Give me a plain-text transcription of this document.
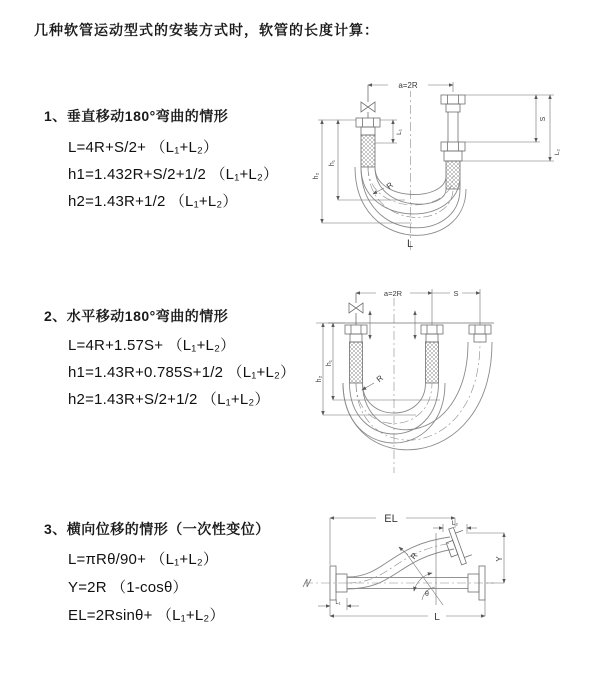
几种软管运动型式的安装方式时，软管的长度计算：
1、垂直移动180°弯曲的情形
L=4R+S/2+ （L₁+L₂）
h1=1.432R+S/2+1/2 （L₁+L₂）
h2=1.43R+1/2 （L₁+L₂）
2、水平移动180°弯曲的情形
L=4R+1.57S+ （L₁+L₂）
h1=1.43R+0.785S+1/2 （L₁+L₂）
h2=1.43R+S/2+1/2 （L₁+L₂）
3、横向位移的情形（一次性变位）
L=πRθ/90+ （L₁+L₂）
Y=2R （1-cosθ）
EL=2Rsinθ+ （L₁+L₂）
a=2R
R
L
h₁
h₂
L₁
S
L₂
a=2R	S
R
h₁
h₂
EL	L₂
Y
R
θ
L₁
L
